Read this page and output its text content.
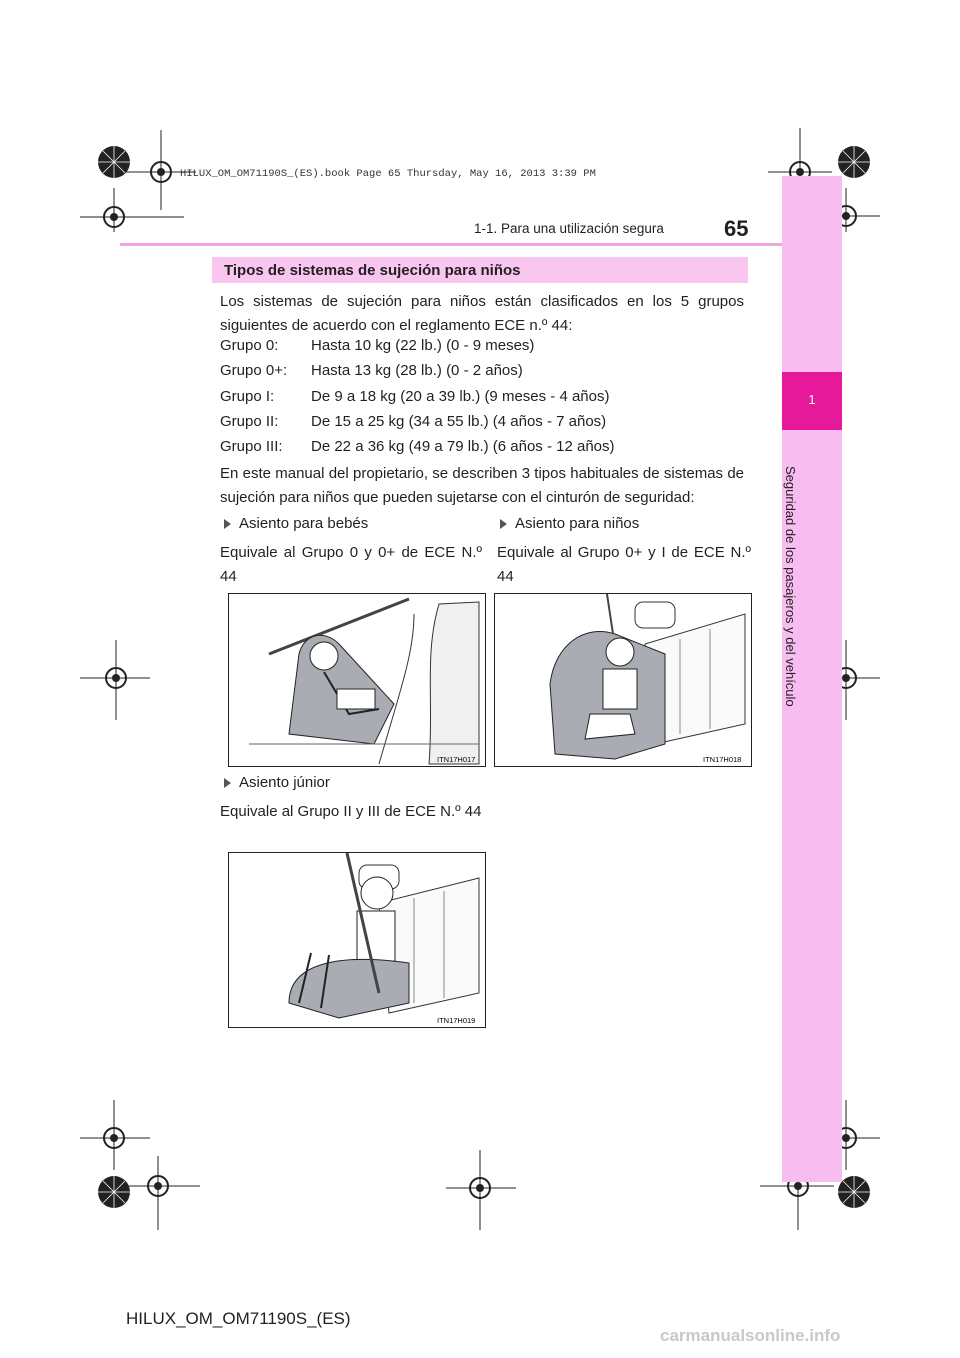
HILUX_OM_OM71190S_(ES).book Page 65 Thursday, May 16, 2013 3:39 PM
1
Seguridad de los pasajeros y del vehículo
1-1. Para una utilización segura	65
Tipos de sistemas de sujeción para niños
Los sistemas de sujeción para niños están clasificados en los 5 grupos siguientes de acuerdo con el reglamento ECE n.º 44:
Grupo 0: Hasta 10 kg (22 lb.) (0 - 9 meses)
Grupo 0+: Hasta 13 kg (28 lb.) (0 - 2 años)
Grupo I: De 9 a 18 kg (20 a 39 lb.) (9 meses - 4 años)
Grupo II: De 15 a 25 kg (34 a 55 lb.) (4 años - 7 años)
Grupo III: De 22 a 36 kg (49 a 79 lb.) (6 años - 12 años)
En este manual del propietario, se describen 3 tipos habituales de sistemas de sujeción para niños que pueden sujetarse con el cinturón de seguridad:
Asiento para bebés
Equivale al Grupo 0 y 0+ de ECE N.º 44
ITN17H017
Asiento para niños
Equivale al Grupo 0+ y I de ECE N.º 44
ITN17H018
Asiento júnior
Equivale al Grupo II y III de ECE N.º 44
ITN17H019
HILUX_OM_OM71190S_(ES)
carmanualsonline.info
